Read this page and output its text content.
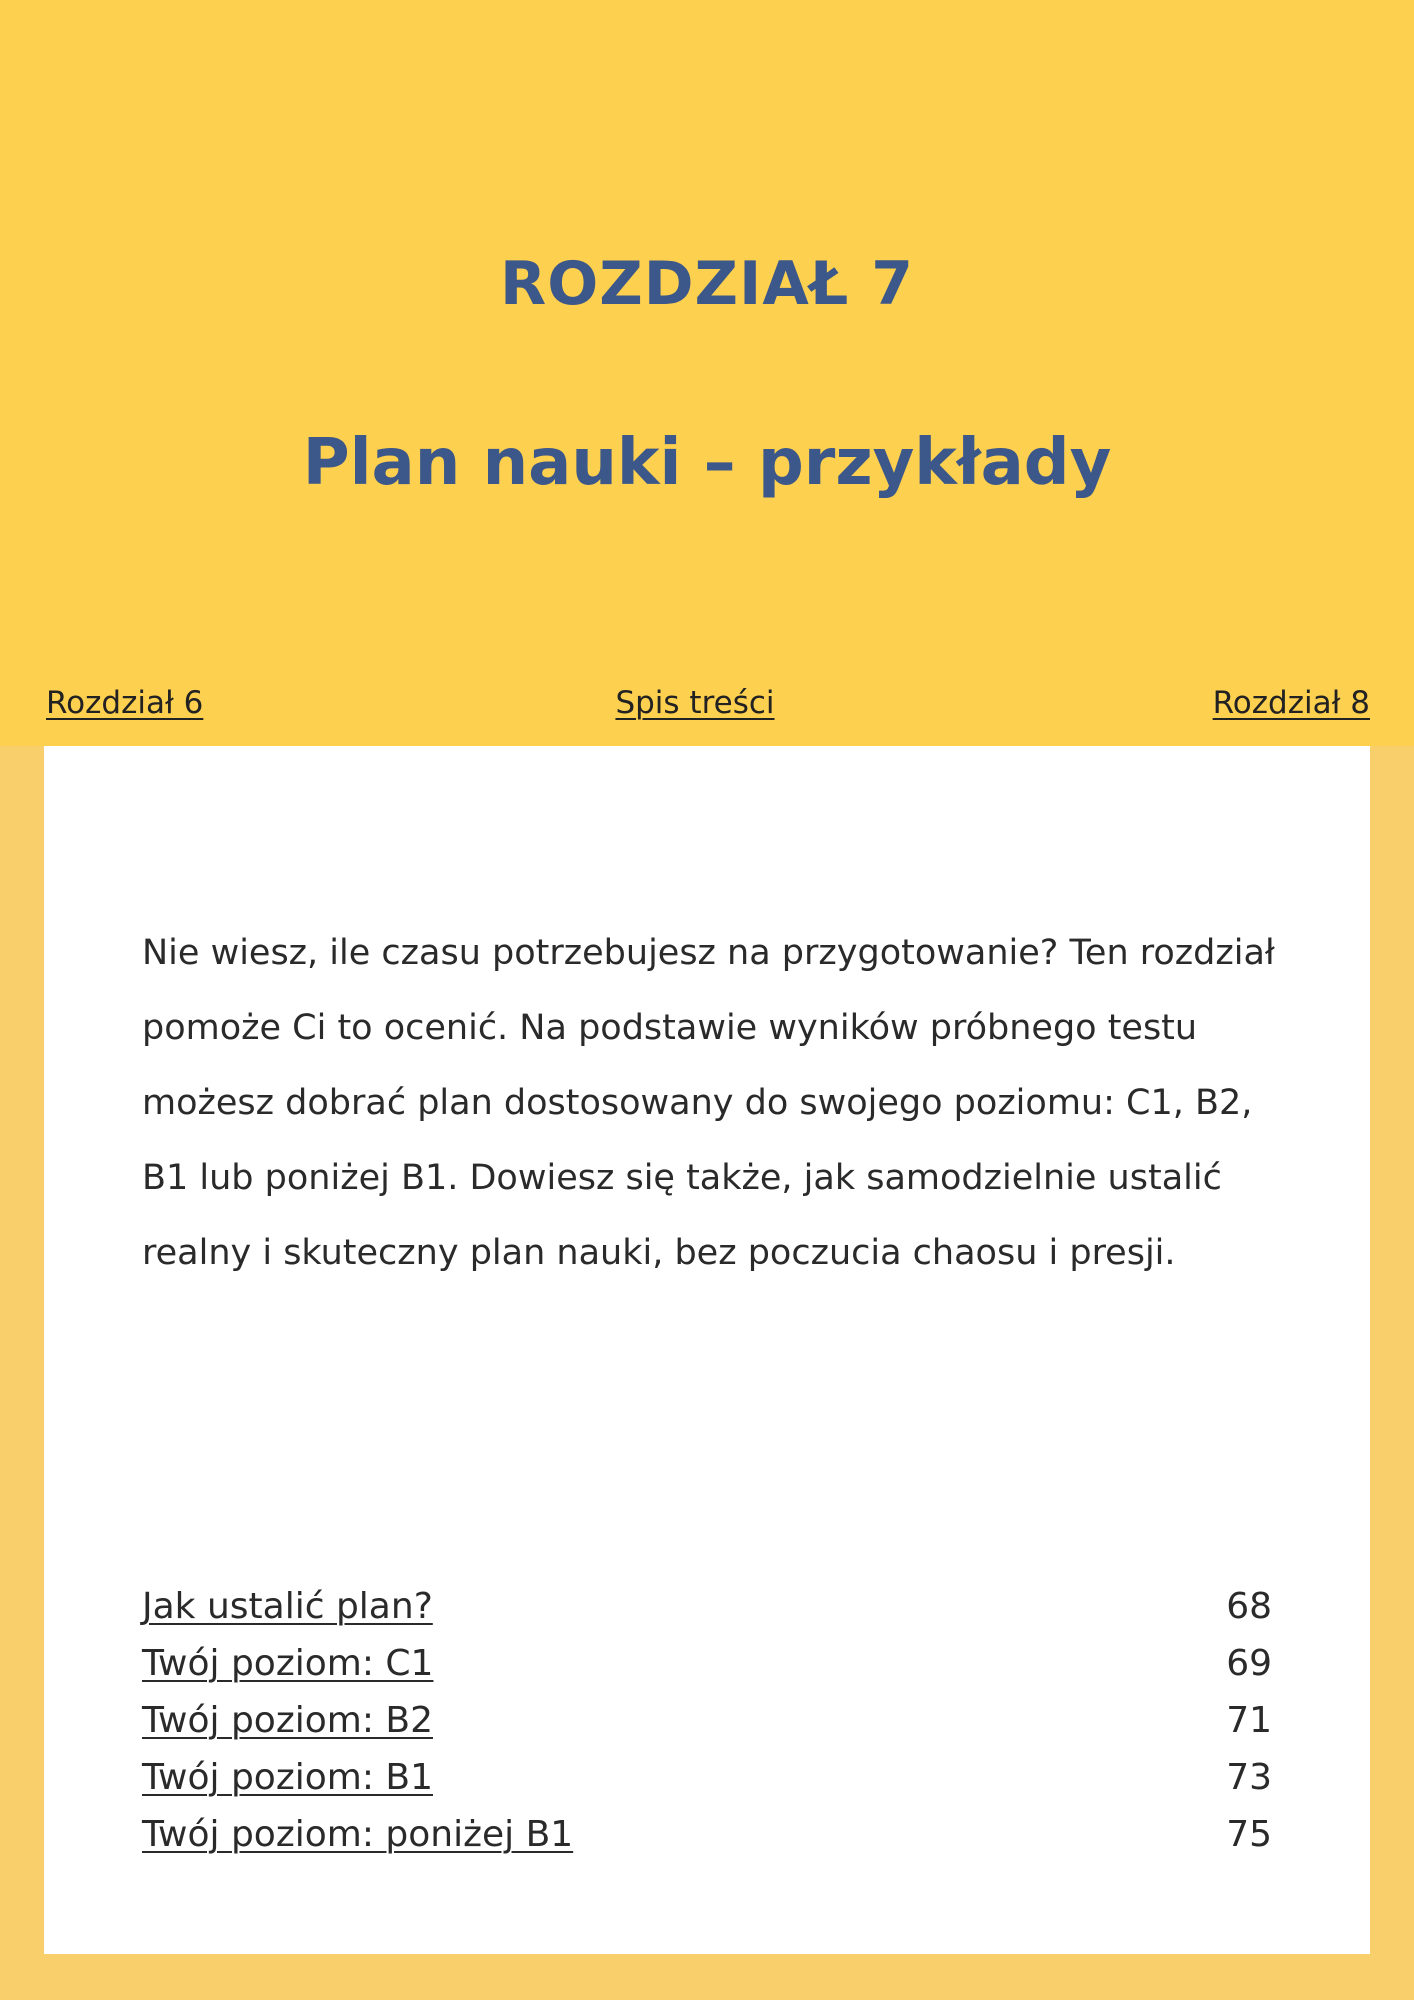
ROZDZIAŁ 7
Plan nauki – przykłady
Rozdział 6	Spis treści	Rozdział 8

Nie wiesz, ile czasu potrzebujesz na przygotowanie? Ten rozdział pomoże Ci to ocenić. Na podstawie wyników próbnego testu możesz dobrać plan dostosowany do swojego poziomu: C1, B2, B1 lub poniżej B1. Dowiesz się także, jak samodzielnie ustalić realny i skuteczny plan nauki, bez poczucia chaosu i presji.

Jak ustalić plan?	68
Twój poziom: C1	69
Twój poziom: B2	71
Twój poziom: B1	73
Twój poziom: poniżej B1	75
